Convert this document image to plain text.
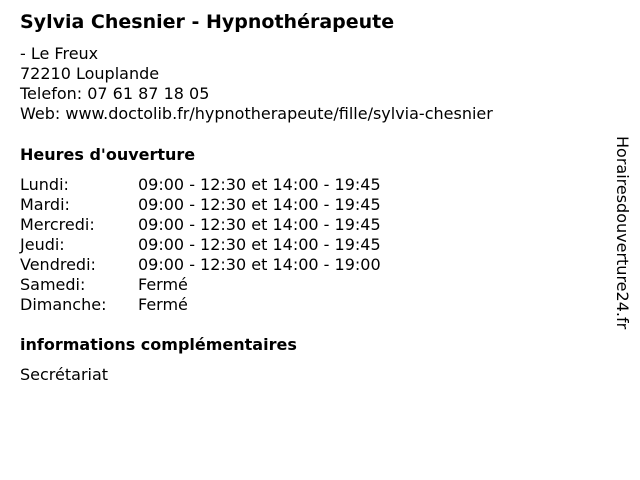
Sylvia Chesnier - Hypnothérapeute
- Le Freux
72210 Louplande
Telefon: 07 61 87 18 05
Web: www.doctolib.fr/hypnotherapeute/fille/sylvia-chesnier
Heures d'ouverture
Lundi:	09:00 - 12:30 et 14:00 - 19:45
Mardi:	09:00 - 12:30 et 14:00 - 19:45
Mercredi:	09:00 - 12:30 et 14:00 - 19:45
Jeudi:	09:00 - 12:30 et 14:00 - 19:45
Vendredi:	09:00 - 12:30 et 14:00 - 19:00
Samedi:	Fermé
Dimanche:	Fermé
informations complémentaires
Secrétariat
Horairesdouverture24.fr
